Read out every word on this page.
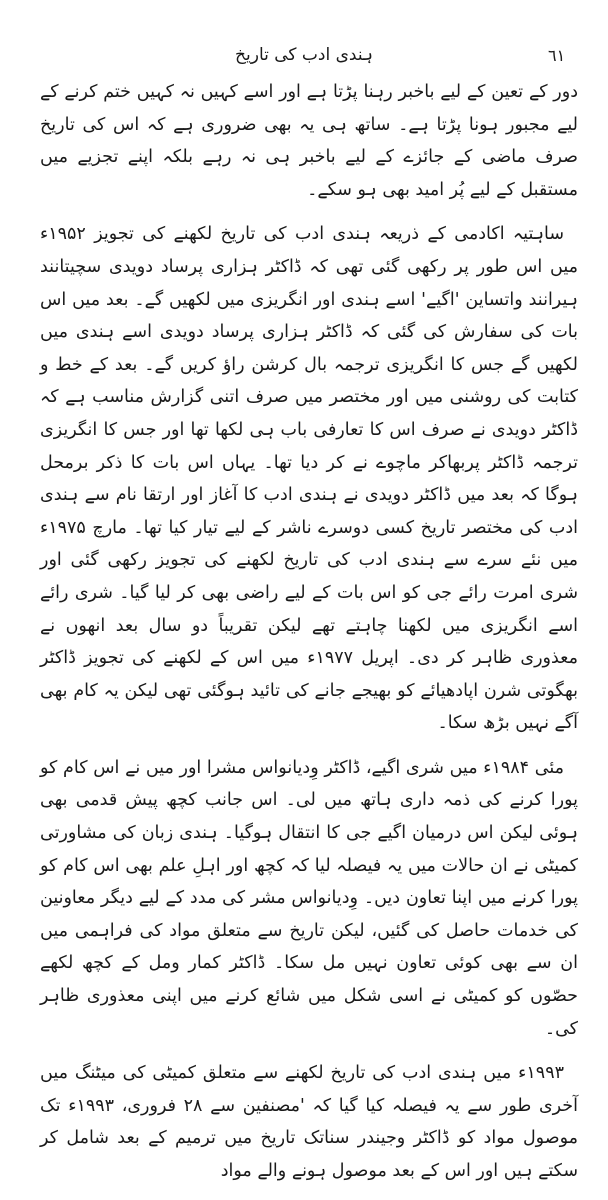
ہندی ادب کی تاریخ	٦١

دور کے تعین کے لیے باخبر رہنا پڑتا ہے اور اسے کہیں نہ کہیں ختم کرنے کے لیے مجبور ہونا پڑتا ہے۔ ساتھ ہی یہ بھی ضروری ہے کہ اس کی تاریخ صرف ماضی کے جائزے کے لیے باخبر ہی نہ رہے بلکہ اپنے تجزیے میں مستقبل کے لیے پُر امید بھی ہو سکے۔

ساہتیہ اکادمی کے ذریعہ ہندی ادب کی تاریخ لکھنے کی تجویز ۱۹۵۲ء میں اس طور پر رکھی گئی تھی کہ ڈاکٹر ہزاری پرساد دویدی سچیتانند ہیرانند واتساین 'اگیے' اسے ہندی اور انگریزی میں لکھیں گے۔ بعد میں اس بات کی سفارش کی گئی کہ ڈاکٹر ہزاری پرساد دویدی اسے ہندی میں لکھیں گے جس کا انگریزی ترجمہ بال کرشن راؤ کریں گے۔ بعد کے خط و کتابت کی روشنی میں اور مختصر میں صرف اتنی گزارش مناسب ہے کہ ڈاکٹر دویدی نے صرف اس کا تعارفی باب ہی لکھا تھا اور جس کا انگریزی ترجمہ ڈاکٹر پربھاکر ماچوے نے کر دیا تھا۔ یہاں اس بات کا ذکر برمحل ہوگا کہ بعد میں ڈاکٹر دویدی نے ہندی ادب کا آغاز اور ارتقا نام سے ہندی ادب کی مختصر تاریخ کسی دوسرے ناشر کے لیے تیار کیا تھا۔ مارچ ۱۹۷۵ء میں نئے سرے سے ہندی ادب کی تاریخ لکھنے کی تجویز رکھی گئی اور شری امرت رائے جی کو اس بات کے لیے راضی بھی کر لیا گیا۔ شری رائے اسے انگریزی میں لکھنا چاہتے تھے لیکن تقریباً دو سال بعد انھوں نے معذوری ظاہر کر دی۔ اپریل ۱۹۷۷ء میں اس کے لکھنے کی تجویز ڈاکٹر بھگوتی شرن اپادھیائے کو بھیجے جانے کی تائید ہوگئی تھی لیکن یہ کام بھی آگے نہیں بڑھ سکا۔

مئی ۱۹۸۴ء میں شری اگیے، ڈاکٹر وِدیانواس مشرا اور میں نے اس کام کو پورا کرنے کی ذمہ داری ہاتھ میں لی۔ اس جانب کچھ پیش قدمی بھی ہوئی لیکن اس درمیان اگیے جی کا انتقال ہوگیا۔ ہندی زبان کی مشاورتی کمیٹی نے ان حالات میں یہ فیصلہ لیا کہ کچھ اور اہلِ علم بھی اس کام کو پورا کرنے میں اپنا تعاون دیں۔ وِدیانواس مشر کی مدد کے لیے دیگر معاونین کی خدمات حاصل کی گئیں، لیکن تاریخ سے متعلق مواد کی فراہمی میں ان سے بھی کوئی تعاون نہیں مل سکا۔ ڈاکٹر کمار ومل کے کچھ لکھے حصّوں کو کمیٹی نے اسی شکل میں شائع کرنے میں اپنی معذوری ظاہر کی۔

۱۹۹۳ء میں ہندی ادب کی تاریخ لکھنے سے متعلق کمیٹی کی میٹنگ میں آخری طور سے یہ فیصلہ کیا گیا کہ 'مصنفین سے ۲۸ فروری، ۱۹۹۳ء تک موصول مواد کو ڈاکٹر وجیندر سناتک تاریخ میں ترمیم کے بعد شامل کر سکتے ہیں اور اس کے بعد موصول ہونے والے مواد
